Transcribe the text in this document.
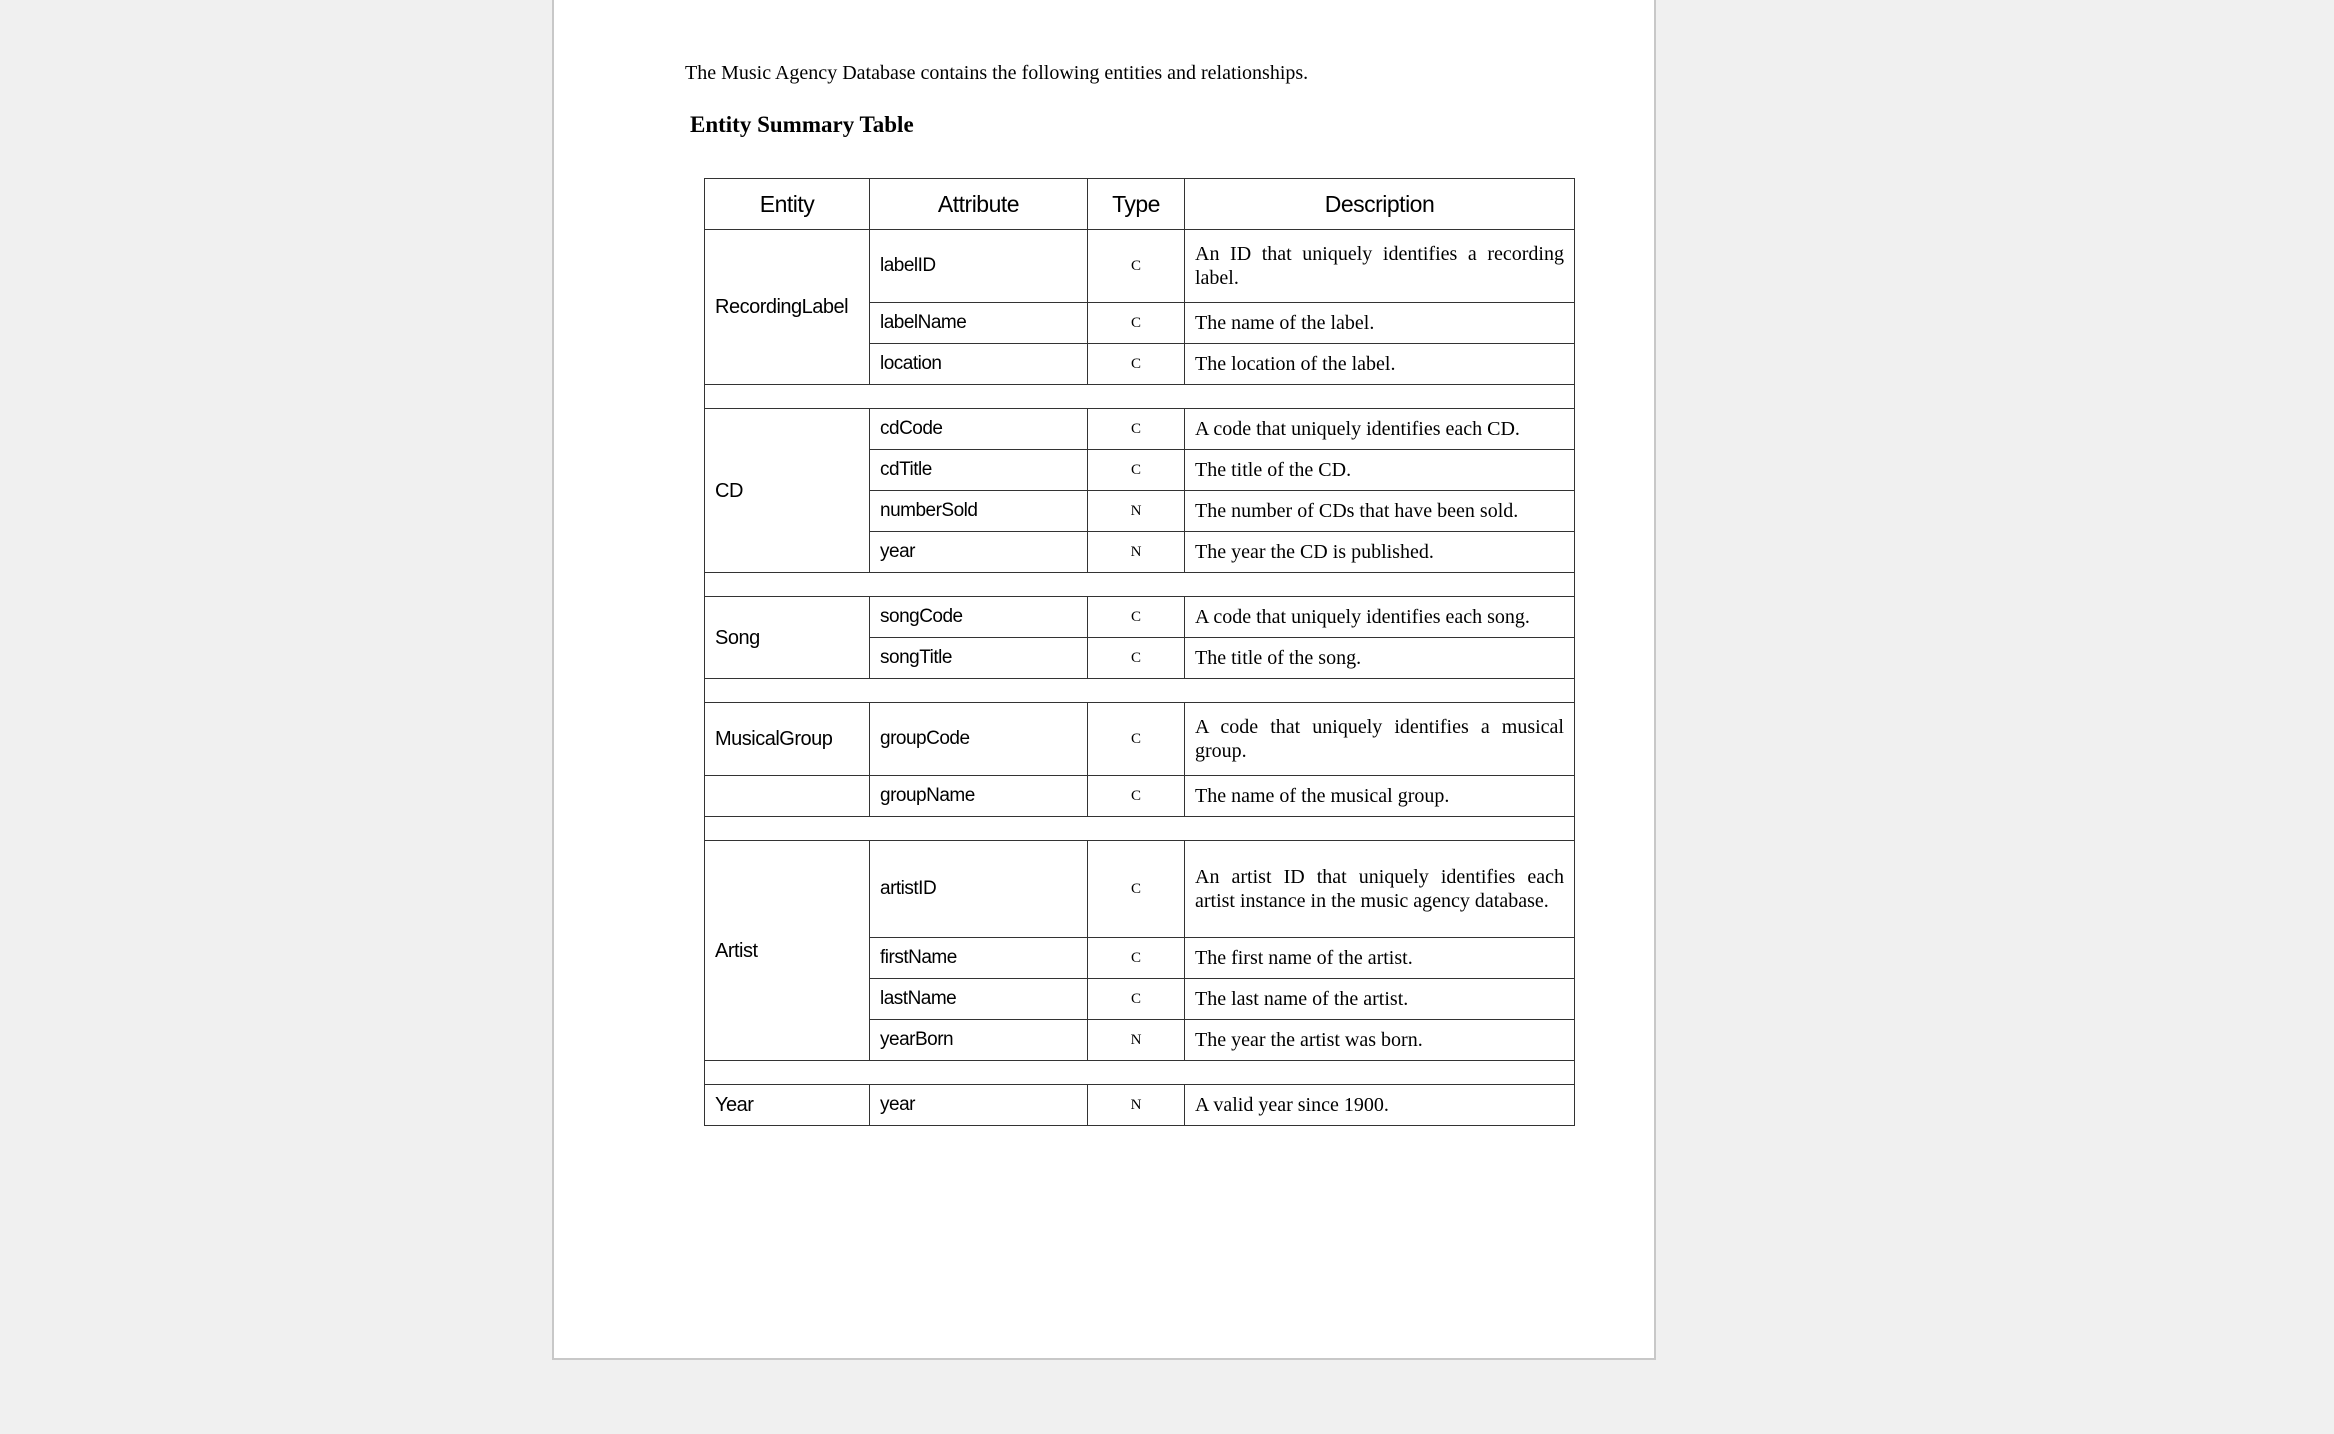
The Music Agency Database contains the following entities and relationships.
Entity Summary Table
Entity	Attribute	Type	Description
RecordingLabel	labelID	C	An ID that uniquely identifies a recording label.
	labelName	C	The name of the label.
	location	C	The location of the label.

CD	cdCode	C	A code that uniquely identifies each CD.
	cdTitle	C	The title of the CD.
	numberSold	N	The number of CDs that have been sold.
	year	N	The year the CD is published.

Song	songCode	C	A code that uniquely identifies each song.
	songTitle	C	The title of the song.

MusicalGroup	groupCode	C	A code that uniquely identifies a musical group.
	groupName	C	The name of the musical group.

Artist	artistID	C	An artist ID that uniquely identifies each artist instance in the music agency database.
	firstName	C	The first name of the artist.
	lastName	C	The last name of the artist.
	yearBorn	N	The year the artist was born.

Year	year	N	A valid year since 1900.
